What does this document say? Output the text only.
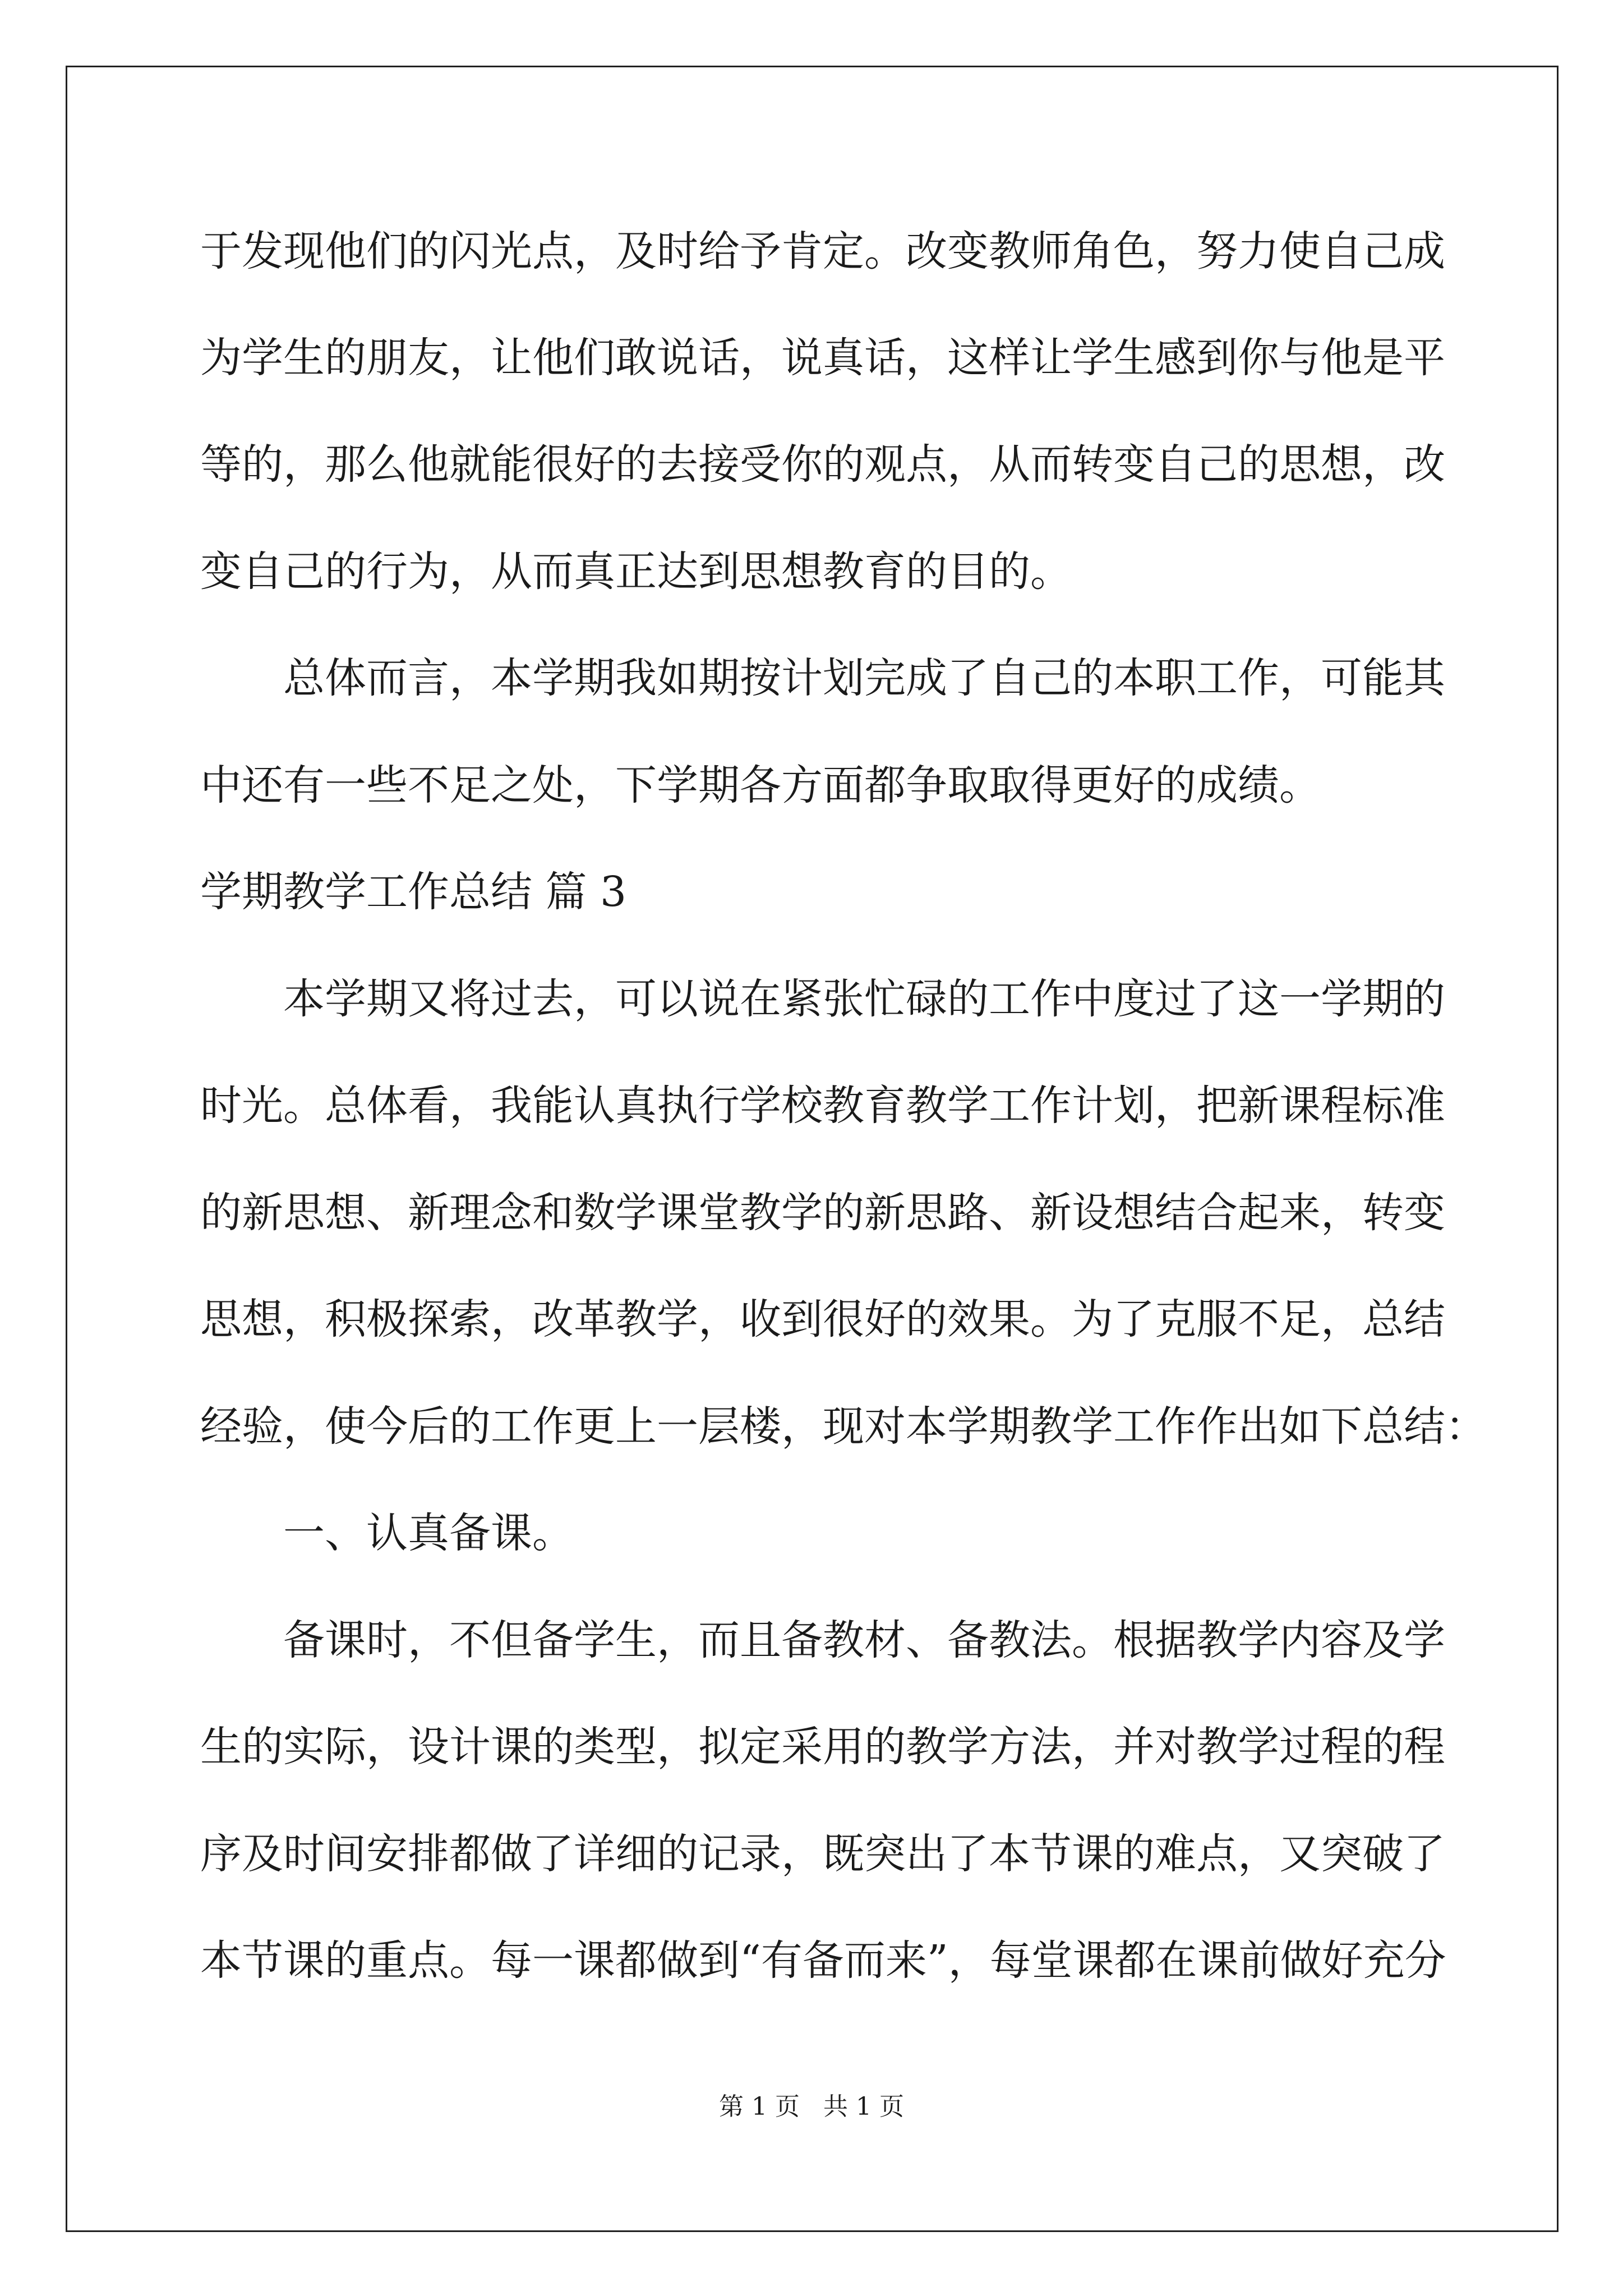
于发现他们的闪光点，及时给予肯定。改变教师角色，努力使自己成
为学生的朋友，让他们敢说话，说真话，这样让学生感到你与他是平
等的，那么他就能很好的去接受你的观点，从而转变自己的思想，改
变自己的行为，从而真正达到思想教育的目的。
总体而言，本学期我如期按计划完成了自己的本职工作，可能其
中还有一些不足之处，下学期各方面都争取取得更好的成绩。
学期教学工作总结 篇 3
本学期又将过去，可以说在紧张忙碌的工作中度过了这一学期的
时光。总体看，我能认真执行学校教育教学工作计划，把新课程标准
的新思想、新理念和数学课堂教学的新思路、新设想结合起来，转变
思想，积极探索，改革教学，收到很好的效果。为了克服不足，总结
经验，使今后的工作更上一层楼，现对本学期教学工作作出如下总结：
一、认真备课。
备课时，不但备学生，而且备教材、备教法。根据教学内容及学
生的实际，设计课的类型，拟定采用的教学方法，并对教学过程的程
序及时间安排都做了详细的记录，既突出了本节课的难点，又突破了
本节课的重点。每一课都做到“有备而来”，每堂课都在课前做好充分
第 1 页   共 1 页
